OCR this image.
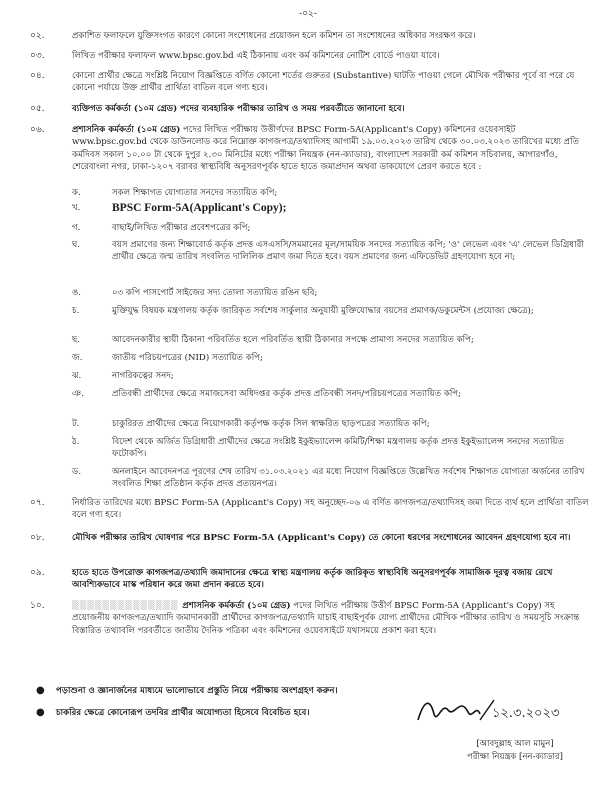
-০২-
০২.	প্রকাশিত ফলাফলে যুক্তিসংগত কারণে কোনো সংশোধনের প্রয়োজন হলে কমিশন তা সংশোধনের অধিকার সংরক্ষণ করে।
০৩.	লিখিত পরীক্ষার ফলাফল www.bpsc.gov.bd এই ঠিকানায় এবং কর্ম কমিশনের নোটিশ বোর্ডে পাওয়া যাবে।
০৪.	কোনো প্রার্থীর ক্ষেত্রে সংশ্লিষ্ট নিয়োগ বিজ্ঞপ্তিতে বর্ণিত কোনো শর্তের গুরুতর (Substantive) ঘাটতি পাওয়া গেলে মৌখিক পরীক্ষার পূর্বে বা পরে যে কোনো পর্যায়ে উক্ত প্রার্থীর প্রার্থিতা বাতিল বলে গণ্য হবে।
০৫.	ব্যক্তিগত কর্মকর্তা (১০ম গ্রেড) পদের ব্যবহারিক পরীক্ষার তারিখ ও সময় পরবর্তীতে জানানো হবে।
০৬.	প্রশাসনিক কর্মকর্তা (১০ম গ্রেড) পদের লিখিত পরীক্ষায় উত্তীর্ণদের BPSC Form-5A(Applicant's Copy) কমিশনের ওয়েবসাইট www.bpsc.gov.bd থেকে ডাউনলোড করে নিম্নোক্ত কাগজপত্র/তথ্যাদিসহ আগামী ১৯.০৩.২০২৩ তারিখ থেকে ৩০.০৩.২০২৩ তারিখের মধ্যে প্রতি কর্মদিবস সকাল ১০.০০ টা থেকে দুপুর ২.৩০ মিনিটের মধ্যে পরীক্ষা নিয়ন্ত্রক (নন-ক্যাডার), বাংলাদেশ সরকারী কর্ম কমিশন সচিবালয়, আগারগাঁও, শেরেবাংলা নগর, ঢাকা-১২০৭ বরাবর স্বাস্থ্যবিধি অনুসরণপূর্বক হাতে হাতে জমাপ্রদান অথবা ডাকযোগে প্রেরণ করতে হবে :
ক.	সকল শিক্ষাগত যোগ্যতার সনদের সত্যায়িত কপি;
খ.	BPSC Form-5A(Applicant's Copy);
গ.	বাছাই/লিখিত পরীক্ষার প্রবেশপত্রের কপি;
ঘ.	বয়স প্রমাণের জন্য শিক্ষাবোর্ড কর্তৃক প্রদত্ত এসএসসি/সমমানের মূল/সাময়িক সনদের সত্যায়িত কপি; 'ও' লেভেল এবং 'এ' লেভেল ডিগ্রিধারী প্রার্থীর ক্ষেত্রে জন্ম তারিখ সংবলিত দালিলিক প্রমাণ জমা দিতে হবে। বয়স প্রমাণের জন্য এফিডেভিট গ্রহণযোগ্য হবে না;
ঙ.	০৩ কপি পাসপোর্ট সাইজের সদ্য তোলা সত্যায়িত রঙিন ছবি;
চ.	মুক্তিযুদ্ধ বিষয়ক মন্ত্রণালয় কর্তৃক জারিকৃত সর্বশেষ সার্কুলার অনুযায়ী মুক্তিযোদ্ধার বয়সের প্রমাণক/ডকুমেন্টস (প্রযোজ্য ক্ষেত্রে);
ছ.	আবেদনকারীর স্থায়ী ঠিকানা পরিবর্তিত হলে পরিবর্তিত স্থায়ী ঠিকানার সপক্ষে প্রামাণ্য সনদের সত্যায়িত কপি;
জ.	জাতীয় পরিচয়পত্রের (NID) সত্যায়িত কপি;
ঝ.	নাগরিকত্বের সনদ;
ঞ.	প্রতিবন্ধী প্রার্থীদের ক্ষেত্রে সমাজসেবা অধিদপ্তর কর্তৃক প্রদত্ত প্রতিবন্ধী সনদ/পরিচয়পত্রের সত্যায়িত কপি;
ট.	চাকুরিরত প্রার্থীদের ক্ষেত্রে নিয়োগকারী কর্তৃপক্ষ কর্তৃক সিল স্বাক্ষরিত ছাড়পত্রের সত্যায়িত কপি;
ঠ.	বিদেশ থেকে অর্জিত ডিগ্রিধারী প্রার্থীদের ক্ষেত্রে সংশ্লিষ্ট ইকুইভ্যালেন্স কমিটি/শিক্ষা মন্ত্রণালয় কর্তৃক প্রদত্ত ইকুইভ্যালেন্স সনদের সত্যায়িত ফটোকপি।
ড.	অনলাইনে আবেদনপত্র পূরণের শেষ তারিখ ৩১.০৩.২০২১ এর মধ্যে নিয়োগ বিজ্ঞপ্তিতে উল্লেখিত সর্বশেষ শিক্ষাগত যোগ্যতা অর্জনের তারিখ সংবলিত শিক্ষা প্রতিষ্ঠান কর্তৃক প্রদত্ত প্রত্যয়নপত্র।
০৭.	নির্ধারিত তারিখের মধ্যে BPSC Form-5A (Applicant's Copy) সহ অনুচ্ছেদ-০৬ এ বর্ণিত কাগজপত্র/তথ্যাদিসহ জমা দিতে ব্যর্থ হলে প্রার্থিতা বাতিল বলে গণ্য হবে।
০৮.	মৌখিক পরীক্ষার তারিখ ঘোষণার পরে BPSC Form-5A (Applicant's Copy) তে কোনো ধরণের সংশোধনের আবেদন গ্রহণযোগ্য হবে না।
০৯.	হাতে হাতে উপরোক্ত কাগজপত্র/তথ্যাদি জমাদানের ক্ষেত্রে স্বাস্থ্য মন্ত্রণালয় কর্তৃক জারিকৃত স্বাস্থ্যবিধি অনুসরণপূর্বক সামাজিক দূরত্ব বজায় রেখে আবশ্যিকভাবে মাস্ক পরিধান করে জমা প্রদান করতে হবে।
১০.	▒▒▒▒▒▒▒▒▒▒▒▒▒▒ প্রশাসনিক কর্মকর্তা (১০ম গ্রেড) পদের লিখিত পরীক্ষায় উত্তীর্ণ BPSC Form-5A (Applicant's Copy) সহ প্রয়োজনীয় কাগজপত্র/তথ্যাদি জমাদানকারী প্রার্থীদের কাগজপত্র/তথ্যাদি যাচাই বাছাইপূর্বক যোগ্য প্রার্থীদের মৌখিক পরীক্ষার তারিখ ও সময়সূচি সংক্রান্ত বিস্তারিত তথ্যাবলি পরবর্তীতে জাতীয় দৈনিক পত্রিকা এবং কমিশনের ওয়েবসাইটে যথাসময়ে প্রকাশ করা হবে।
● পড়াশুনা ও জ্ঞানার্জনের মাধ্যমে ভালোভাবে প্রস্তুতি নিয়ে পরীক্ষায় অংশগ্রহণ করুন।
● চাকরির ক্ষেত্রে কোনোরূপ তদবির প্রার্থীর অযোগ্যতা হিসেবে বিবেচিত হবে।	১২.৩.২০২৩
[আবদুল্লাহ আল মামুন]
পরীক্ষা নিয়ন্ত্রক [নন-ক্যাডার]
